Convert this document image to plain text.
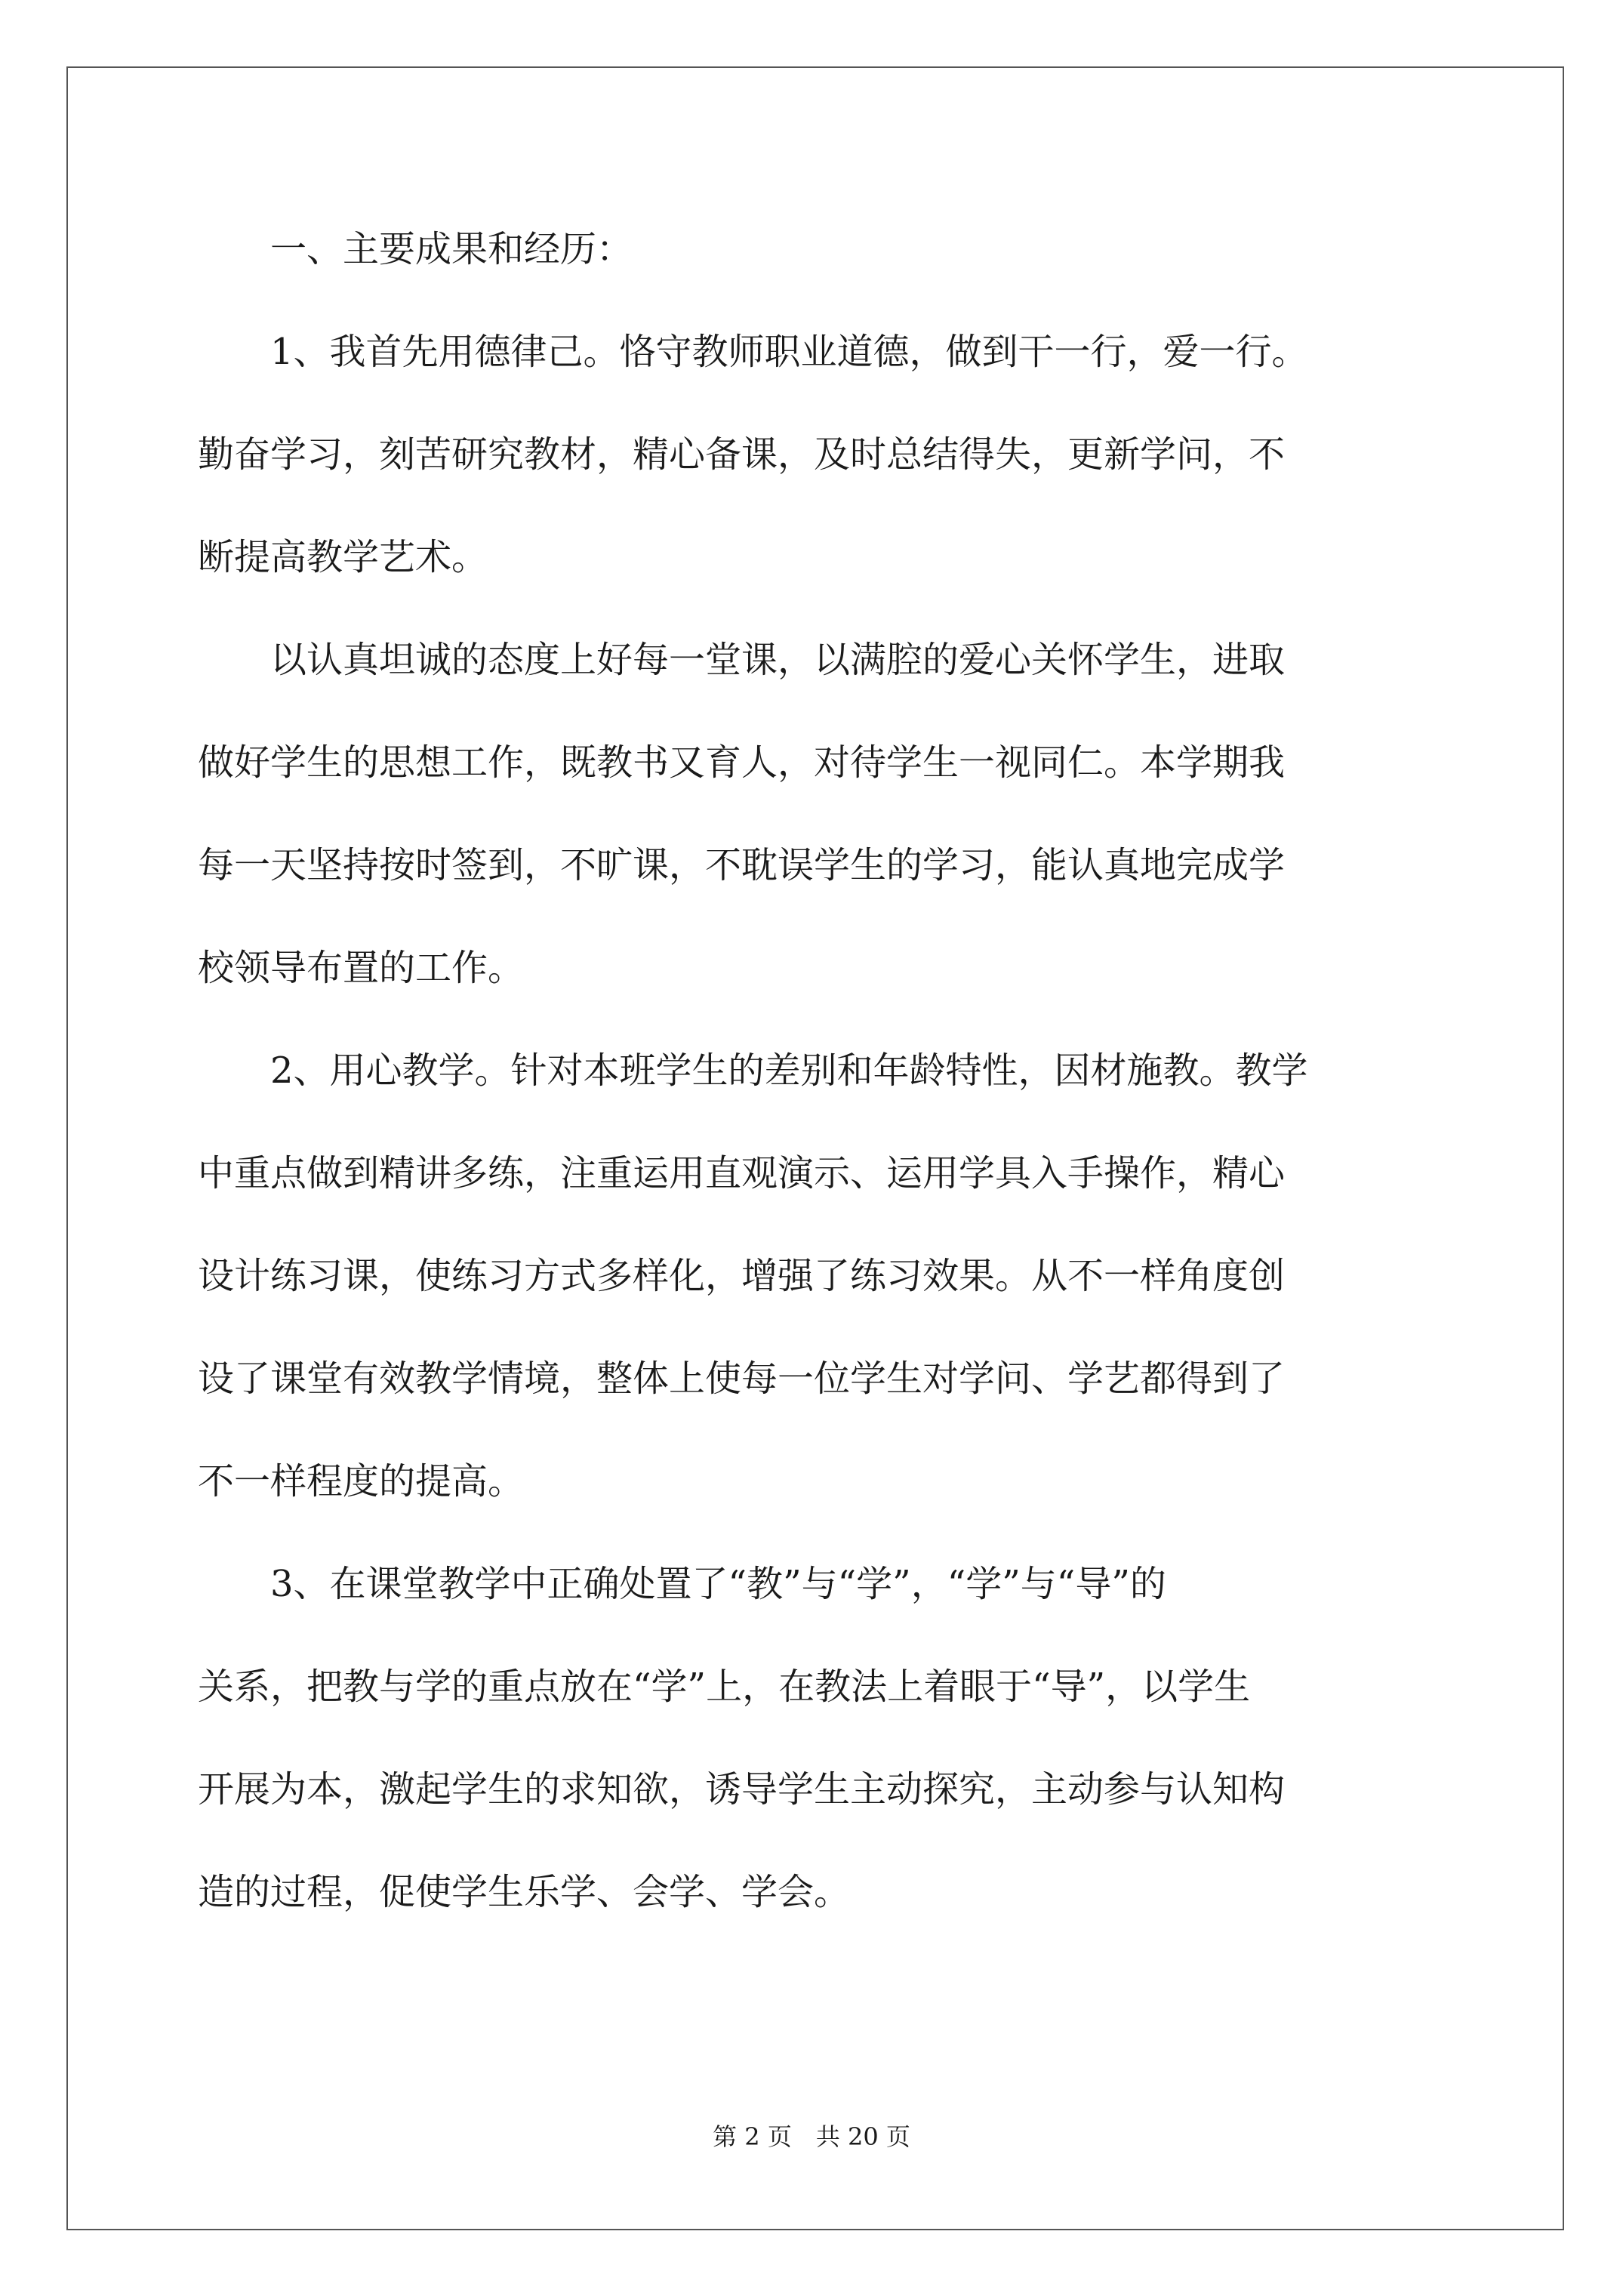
　　一、主要成果和经历：
　　1、我首先用德律己。恪守教师职业道德，做到干一行，爱一行。
勤奋学习，刻苦研究教材，精心备课，及时总结得失，更新学问，不
断提高教学艺术。
　　以认真坦诚的态度上好每一堂课，以满腔的爱心关怀学生，进取
做好学生的思想工作，既教书又育人，对待学生一视同仁。本学期我
每一天坚持按时签到，不旷课，不耽误学生的学习，能认真地完成学
校领导布置的工作。
　　2、用心教学。针对本班学生的差别和年龄特性，因材施教。教学
中重点做到精讲多练，注重运用直观演示、运用学具入手操作，精心
设计练习课，使练习方式多样化，增强了练习效果。从不一样角度创
设了课堂有效教学情境，整体上使每一位学生对学问、学艺都得到了
不一样程度的提高。
　　3、在课堂教学中正确处置了“教”与“学”，“学”与“导”的
关系，把教与学的重点放在“学”上，在教法上着眼于“导”，以学生
开展为本，激起学生的求知欲，诱导学生主动探究，主动参与认知构
造的过程，促使学生乐学、会学、学会。
第 2 页　共 20 页
